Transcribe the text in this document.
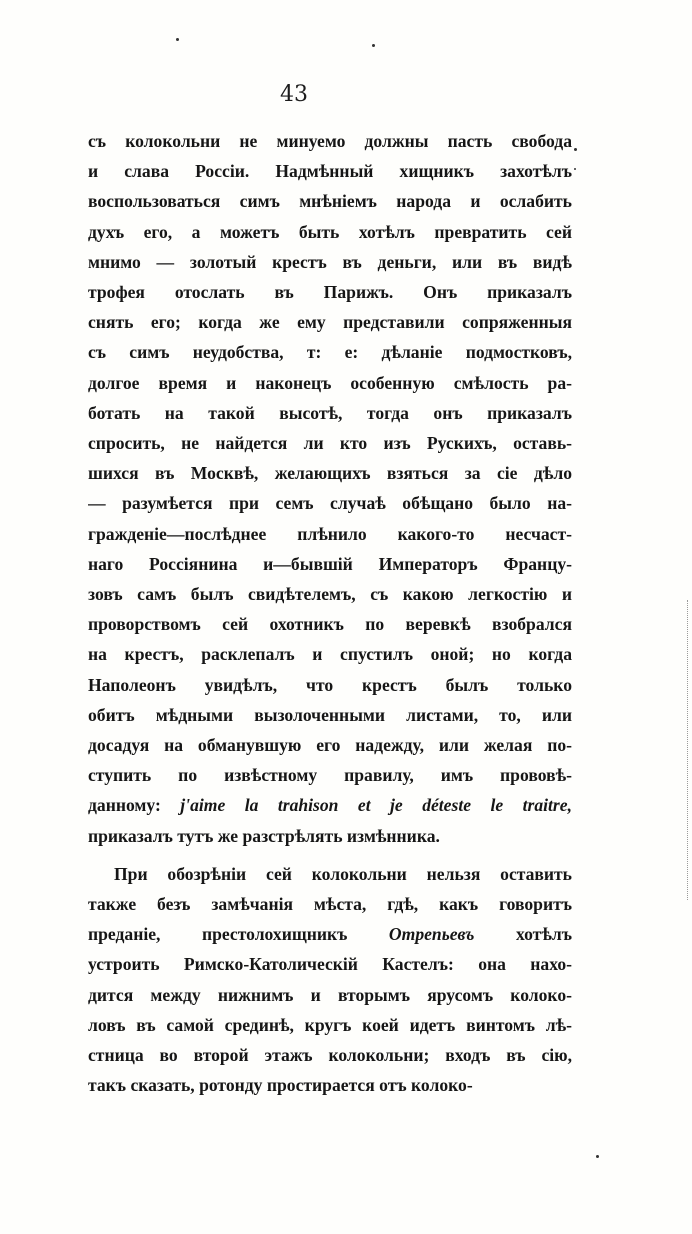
43
съ колокольни не минуемо должны пасть свобода
и слава Россіи. Надмѣнный хищникъ захотѣлъ
воспользоваться симъ мнѣніемъ народа и ослабить
духъ его, а можетъ быть хотѣлъ превратить сей
мнимо — золотый крестъ въ деньги, или въ видѣ
трофея отослать въ Парижъ. Онъ приказалъ
снять его; когда же ему представили сопряженныя
съ симъ неудобства, т: е: дѣланіе подмостковъ,
долгое время и наконецъ особенную смѣлость ра-
ботать на такой высотѣ, тогда онъ приказалъ
спросить, не найдется ли кто изъ Рускихъ, оставь-
шихся въ Москвѣ, желающихъ взяться за сіе дѣло
— разумѣется при семъ случаѣ обѣщано было на-
гражденіе—послѣднее плѣнило какого-то несчаст-
наго Россіянина и—бывшій Императоръ Францу-
зовъ самъ былъ свидѣтелемъ, съ какою легкостію и
проворствомъ сей охотникъ по веревкѣ взобрался
на крестъ, расклепалъ и спустилъ оной; но когда
Наполеонъ увидѣлъ, что крестъ былъ только
обитъ мѣдными вызолоченными листами, то, или
досадуя на обманувшую его надежду, или желая по-
ступить по извѣстному правилу, имъ прововѣ-
данному: j'aime la trahison et je déteste le traitre,
приказалъ тутъ же разстрѣлять измѣнника.
При обозрѣніи сей колокольни нельзя оставить
также безъ замѣчанія мѣста, гдѣ, какъ говоритъ
преданіе, престолохищникъ Отрепьевъ хотѣлъ
устроить Римско-Католическій Кастелъ: она нахо-
дится между нижнимъ и вторымъ ярусомъ колоко-
ловъ въ самой срединѣ, кругъ коей идетъ винтомъ лѣ-
стница во второй этажъ колокольни; входъ въ сію,
такъ сказать, ротонду простирается отъ колоко-
